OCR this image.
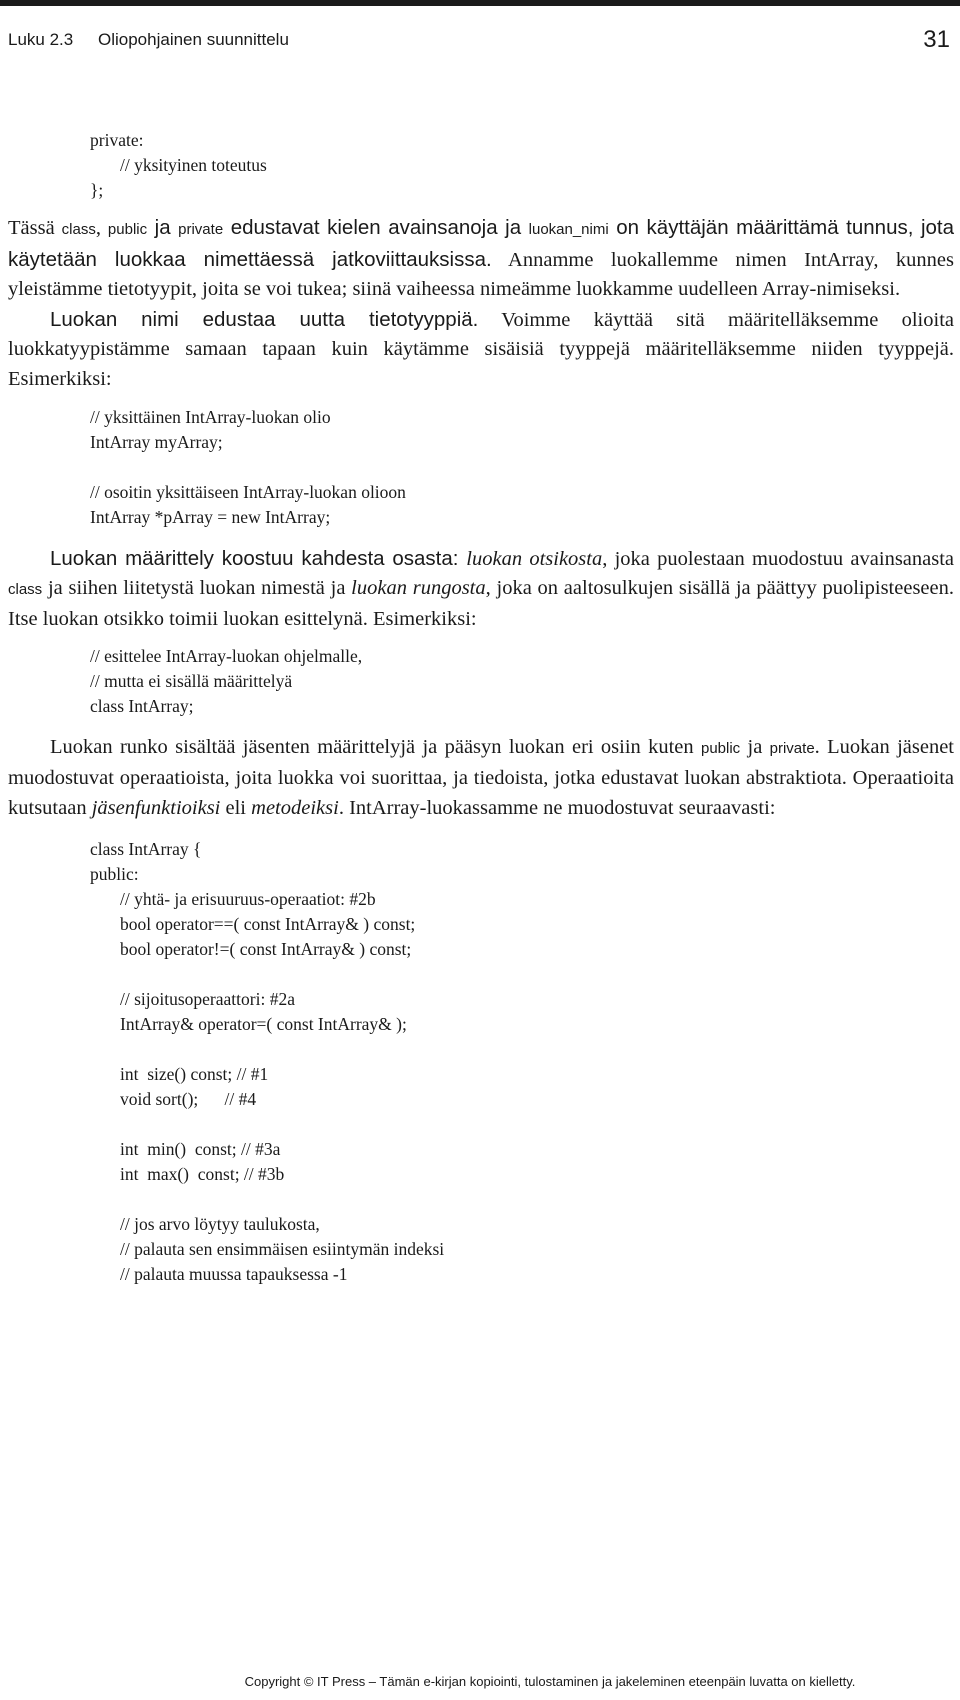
Luku 2.3 Oliopohjainen suunnittelu	31
private:
// yksityinen toteutus
};

Tässä class, public ja private edustavat kielen avainsanoja ja luokan_nimi on käyttäjän määrittämä tunnus, jota käytetään luokkaa nimettäessä jatkoviittauksissa. Annamme luokallemme nimen IntArray, kunnes yleistämme tietotyypit, joita se voi tukea; siinä vaiheessa nimeämme luokkamme uudelleen Array-nimiseksi.

Luokan nimi edustaa uutta tietotyyppiä. Voimme käyttää sitä määritelläksemme olioita luokkatyypistämme samaan tapaan kuin käytämme sisäisiä tyyppejä määritelläksemme niiden tyyppejä. Esimerkiksi:

// yksittäinen IntArray-luokan olio
IntArray myArray;
// osoitin yksittäiseen IntArray-luokan olioon
IntArray *pArray = new IntArray;

Luokan määrittely koostuu kahdesta osasta: luokan otsikosta, joka puolestaan muodostuu avainsanasta class ja siihen liitetystä luokan nimestä ja luokan rungosta, joka on aaltosulkujen sisällä ja päättyy puolipisteeseen. Itse luokan otsikko toimii luokan esittelynä. Esimerkiksi:

// esittelee IntArray-luokan ohjelmalle,
// mutta ei sisällä määrittelyä
class IntArray;

Luokan runko sisältää jäsenten määrittelyjä ja pääsyn luokan eri osiin kuten public ja private. Luokan jäsenet muodostuvat operaatioista, joita luokka voi suorittaa, ja tiedoista, jotka edustavat luokan abstraktiota. Operaatioita kutsutaan jäsenfunktioiksi eli metodeiksi. IntArray-luokassamme ne muodostuvat seuraavasti:

class IntArray {
public:
// yhtä- ja erisuuruus-operaatiot: #2b
bool operator==( const IntArray& ) const;
bool operator!=( const IntArray& ) const;
// sijoitusoperaattori: #2a
IntArray& operator=( const IntArray& );
int  size() const; // #1
void sort();      // #4
int  min()  const; // #3a
int  max()  const; // #3b
// jos arvo löytyy taulukosta,
// palauta sen ensimmäisen esiintymän indeksi
// palauta muussa tapauksessa -1
Copyright © IT Press – Tämän e-kirjan kopiointi, tulostaminen ja jakeleminen eteenpäin luvatta on kielletty.
